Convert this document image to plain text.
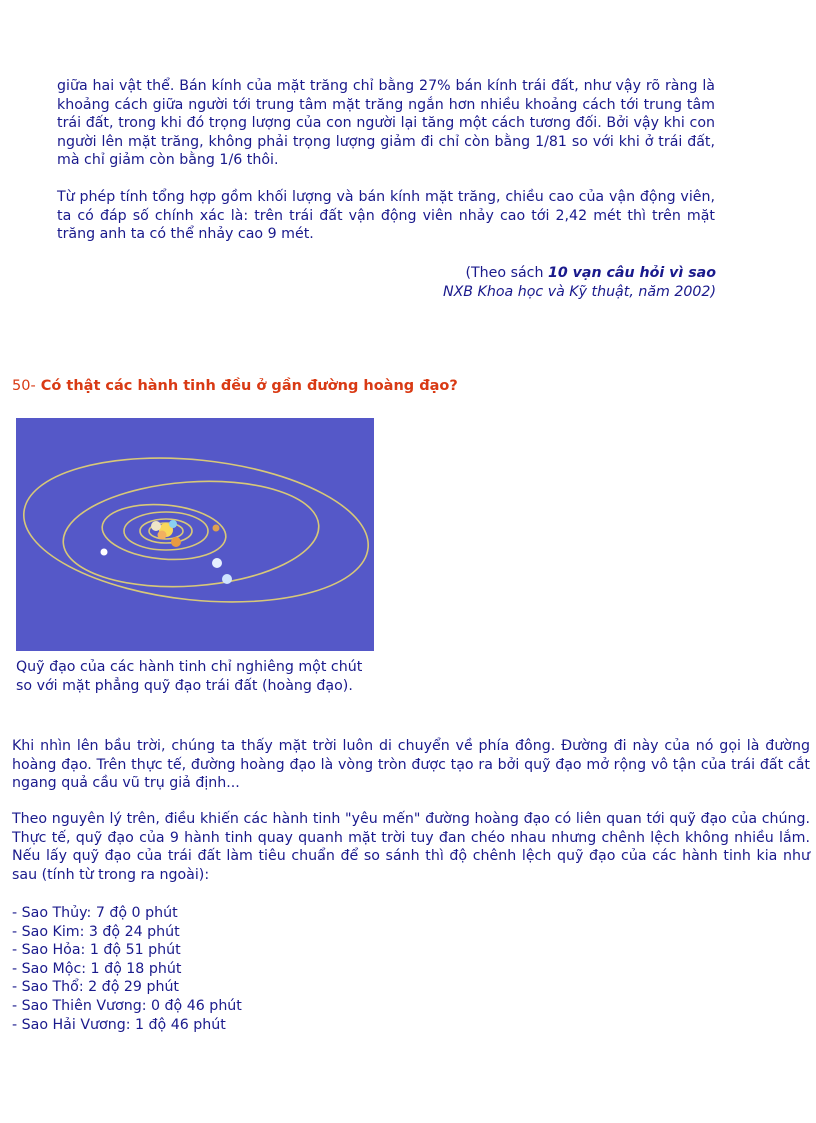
giữa hai vật thể. Bán kính của mặt trăng chỉ bằng 27% bán kính trái đất, như vậy rõ ràng là khoảng cách giữa người tới trung tâm mặt trăng ngắn hơn nhiều khoảng cách tới trung tâm trái đất, trong khi đó trọng lượng của con người lại tăng một cách tương đối. Bởi vậy khi con người lên mặt trăng, không phải trọng lượng giảm đi chỉ còn bằng 1/81 so với khi ở trái đất, mà chỉ giảm còn bằng 1/6 thôi.

Từ phép tính tổng hợp gồm khối lượng và bán kính mặt trăng, chiều cao của vận động viên, ta có đáp số chính xác là: trên trái đất vận động viên nhảy cao tới 2,42 mét thì trên mặt trăng anh ta có thể nhảy cao 9 mét.

(Theo sách 10 vạn câu hỏi vì sao
NXB Khoa học và Kỹ thuật, năm 2002)
50- Có thật các hành tinh đều ở gần đường hoàng đạo?

Quỹ đạo của các hành tinh chỉ nghiêng một chút so với mặt phẳng quỹ đạo trái đất (hoàng đạo).

Khi nhìn lên bầu trời, chúng ta thấy mặt trời luôn di chuyển về phía đông. Đường đi này của nó gọi là đường hoàng đạo. Trên thực tế, đường hoàng đạo là vòng tròn được tạo ra bởi quỹ đạo mở rộng vô tận của trái đất cắt ngang quả cầu vũ trụ giả định...

Theo nguyên lý trên, điều khiến các hành tinh "yêu mến" đường hoàng đạo có liên quan tới quỹ đạo của chúng. Thực tế, quỹ đạo của 9 hành tinh quay quanh mặt trời tuy đan chéo nhau nhưng chênh lệch không nhiều lắm. Nếu lấy quỹ đạo của trái đất làm tiêu chuẩn để so sánh thì độ chênh lệch quỹ đạo của các hành tinh kia như sau (tính từ trong ra ngoài):

- Sao Thủy: 7 độ 0 phút
- Sao Kim: 3 độ 24 phút
- Sao Hỏa: 1 độ 51 phút
- Sao Mộc: 1 độ 18 phút
- Sao Thổ: 2 độ 29 phút
- Sao Thiên Vương: 0 độ 46 phút
- Sao Hải Vương: 1 độ 46 phút
